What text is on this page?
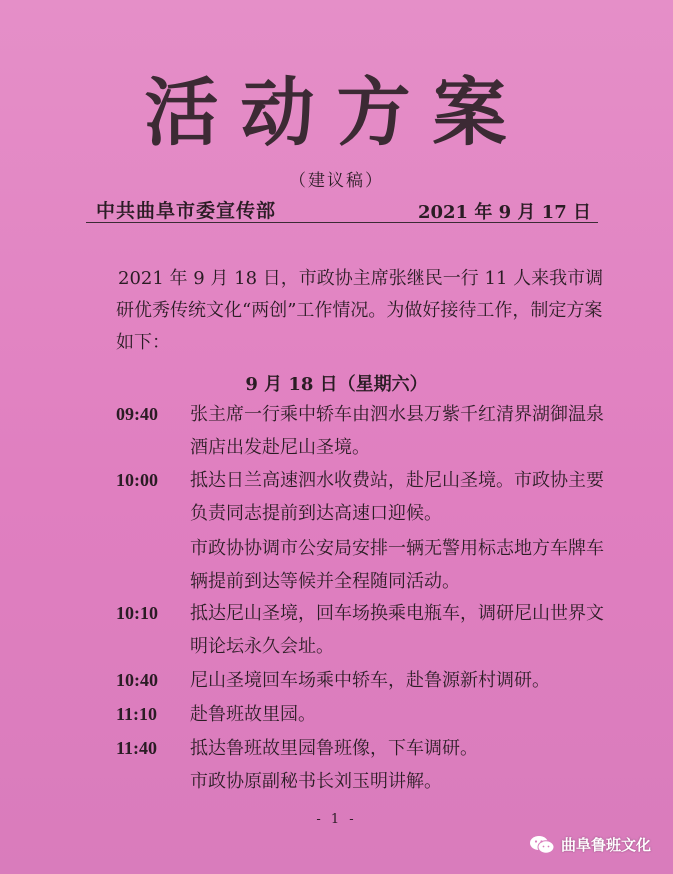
活动方案
（建议稿）
中共曲阜市委宣传部	2021 年 9 月 17 日

2021 年 9 月 18 日，市政协主席张继民一行 11 人来我市调研优秀传统文化“两创”工作情况。为做好接待工作，制定方案如下：

9 月 18 日（星期六）
09:40 张主席一行乘中轿车由泗水县万紫千红清界湖御温泉酒店出发赴尼山圣境。
10:00 抵达日兰高速泗水收费站，赴尼山圣境。市政协主要负责同志提前到达高速口迎候。
市政协协调市公安局安排一辆无警用标志地方车牌车辆提前到达等候并全程随同活动。
10:10 抵达尼山圣境，回车场换乘电瓶车，调研尼山世界文明论坛永久会址。
10:40 尼山圣境回车场乘中轿车，赴鲁源新村调研。
11:10 赴鲁班故里园。
11:40 抵达鲁班故里园鲁班像，下车调研。
市政协原副秘书长刘玉明讲解。
- 1 -
曲阜鲁班文化
